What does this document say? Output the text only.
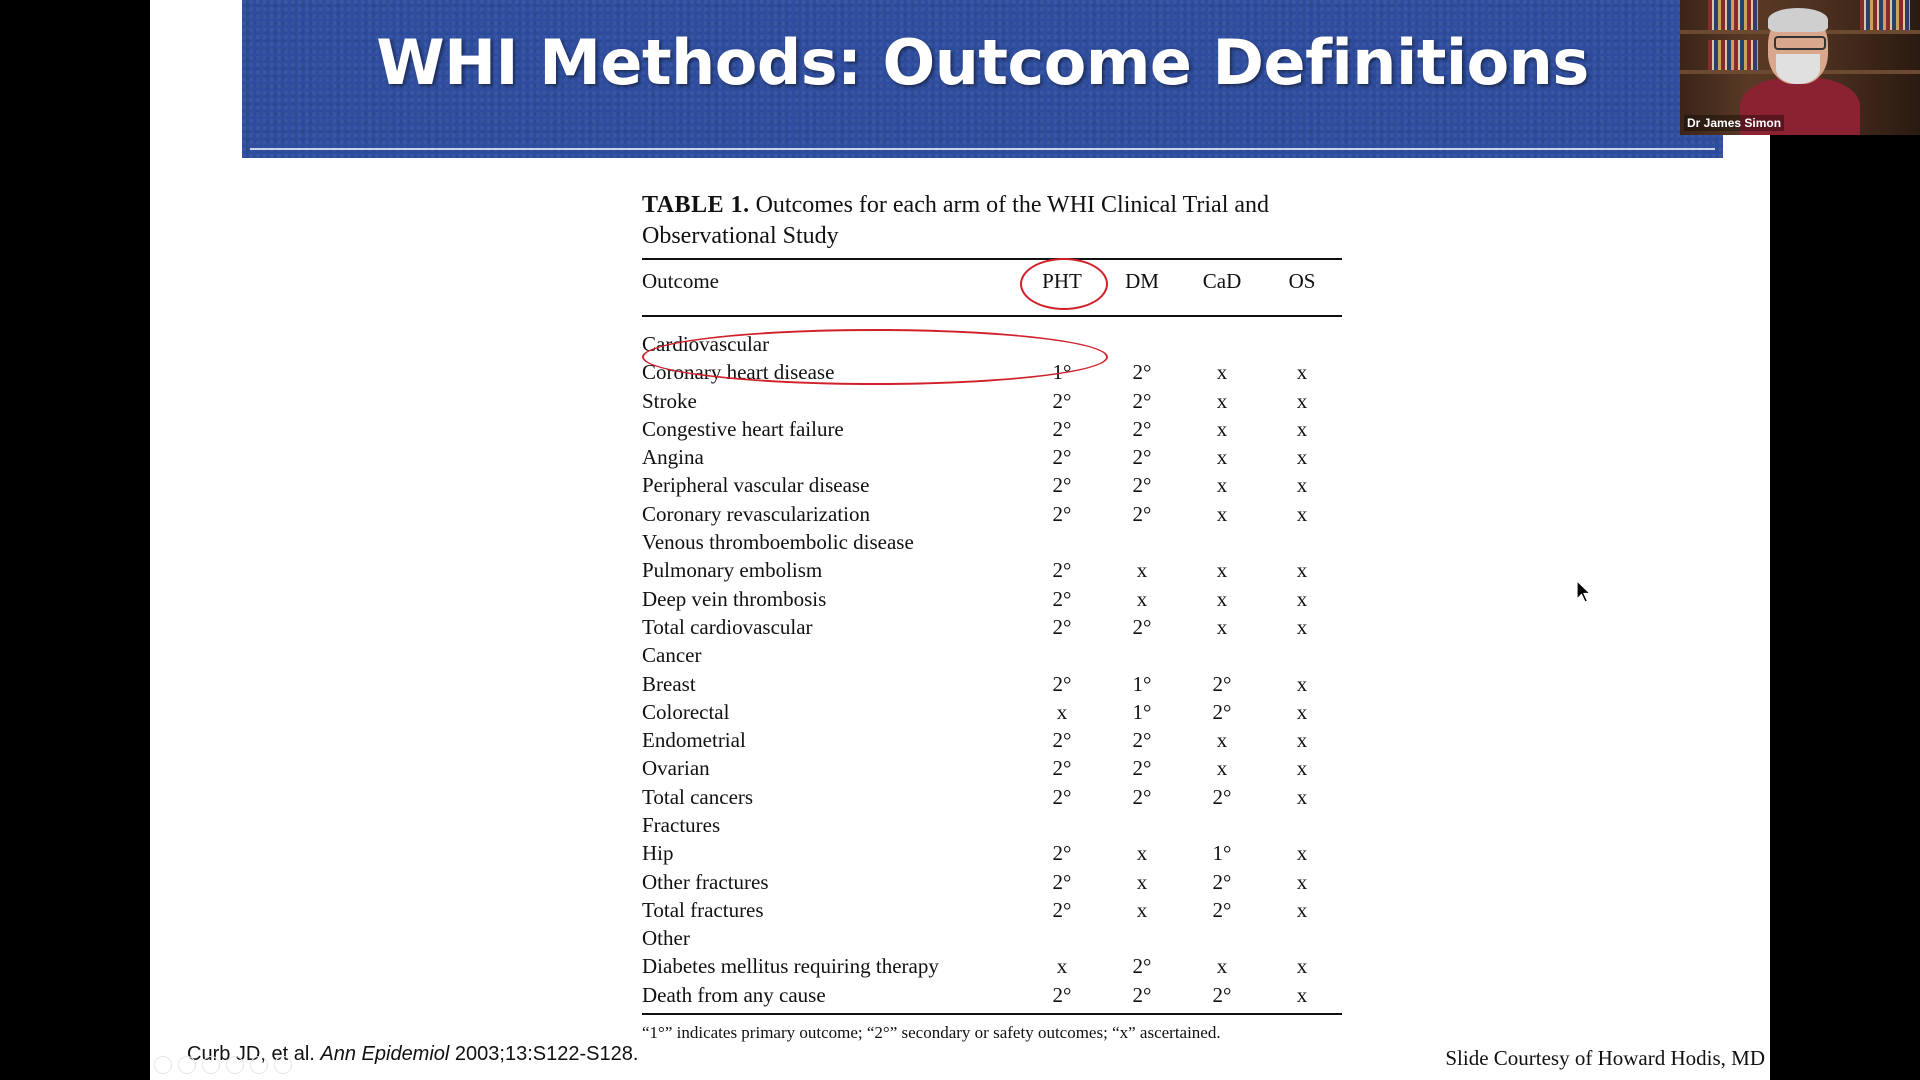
WHI Methods: Outcome Definitions
TABLE 1. Outcomes for each arm of the WHI Clinical Trial and Observational Study
Outcome	PHT	DM	CaD	OS

Cardiovascular				
Coronary heart disease	1°	2°	x	x
Stroke	2°	2°	x	x
Congestive heart failure	2°	2°	x	x
Angina	2°	2°	x	x
Peripheral vascular disease	2°	2°	x	x
Coronary revascularization	2°	2°	x	x
Venous thromboembolic disease				
Pulmonary embolism	2°	x	x	x
Deep vein thrombosis	2°	x	x	x
Total cardiovascular	2°	2°	x	x
Cancer				
Breast	2°	1°	2°	x
Colorectal	x	1°	2°	x
Endometrial	2°	2°	x	x
Ovarian	2°	2°	x	x
Total cancers	2°	2°	2°	x
Fractures				
Hip	2°	x	1°	x
Other fractures	2°	x	2°	x
Total fractures	2°	x	2°	x
Other				
Diabetes mellitus requiring therapy	x	2°	x	x
Death from any cause	2°	2°	2°	x
“1°” indicates primary outcome; “2°” secondary or safety outcomes; “x” ascertained.
Curb JD, et al. Ann Epidemiol 2003;13:S122-S128.	Slide Courtesy of Howard Hodis, MD
Dr James Simon
